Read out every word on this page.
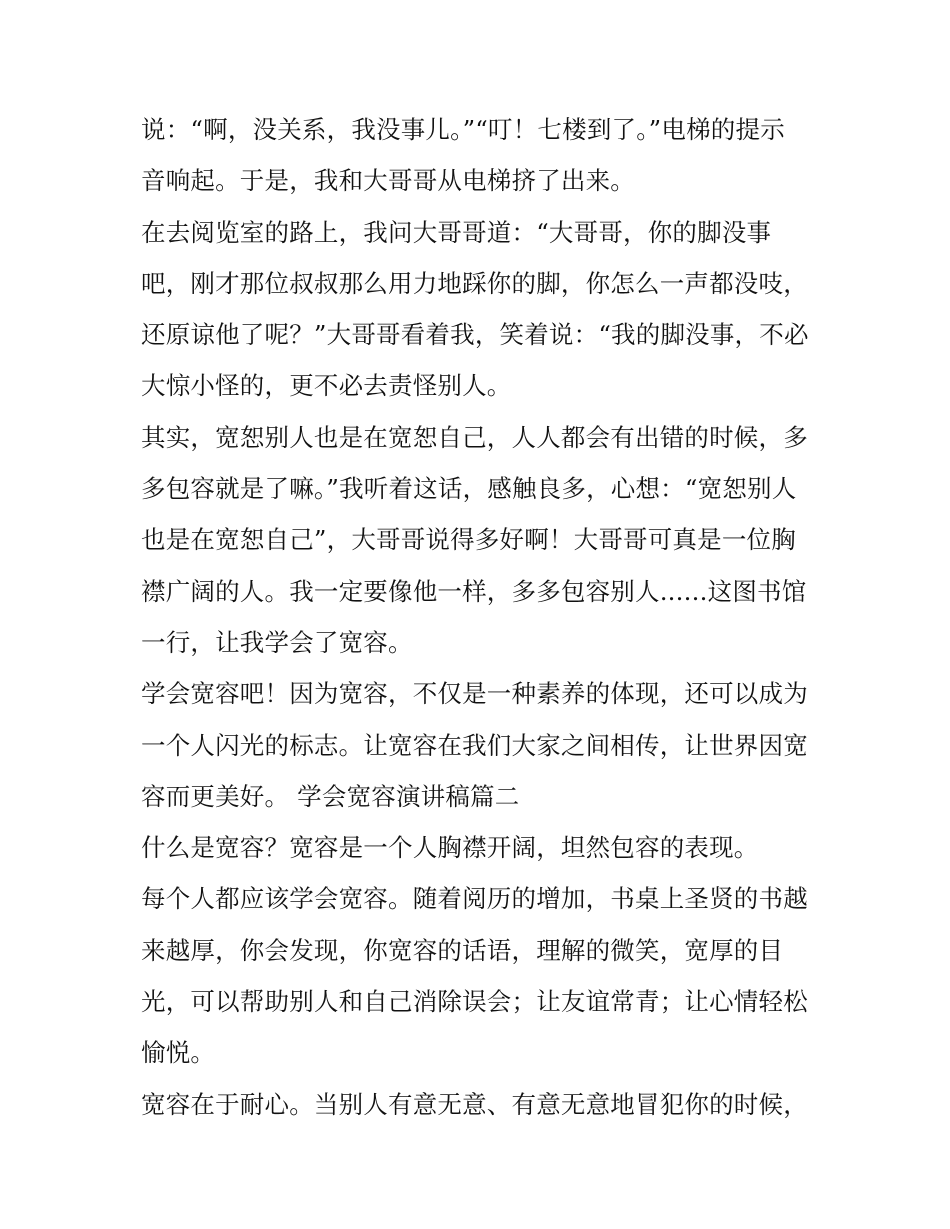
说：“啊，没关系，我没事儿。”“叮！七楼到了。”电梯的提示
音响起。于是，我和大哥哥从电梯挤了出来。
在去阅览室的路上，我问大哥哥道：“大哥哥，你的脚没事
吧，刚才那位叔叔那么用力地踩你的脚，你怎么一声都没吱，
还原谅他了呢？”大哥哥看着我，笑着说：“我的脚没事，不必
大惊小怪的，更不必去责怪别人。
其实，宽恕别人也是在宽恕自己，人人都会有出错的时候，多
多包容就是了嘛。”我听着这话，感触良多，心想：“宽恕别人
也是在宽恕自己”，大哥哥说得多好啊！大哥哥可真是一位胸
襟广阔的人。我一定要像他一样，多多包容别人......这图书馆
一行，让我学会了宽容。
学会宽容吧！因为宽容，不仅是一种素养的体现，还可以成为
一个人闪光的标志。让宽容在我们大家之间相传，让世界因宽
容而更美好。 学会宽容演讲稿篇二
什么是宽容？宽容是一个人胸襟开阔，坦然包容的表现。
每个人都应该学会宽容。随着阅历的增加，书桌上圣贤的书越
来越厚，你会发现，你宽容的话语，理解的微笑，宽厚的目
光，可以帮助别人和自己消除误会；让友谊常青；让心情轻松
愉悦。
宽容在于耐心。当别人有意无意、有意无意地冒犯你的时候，
